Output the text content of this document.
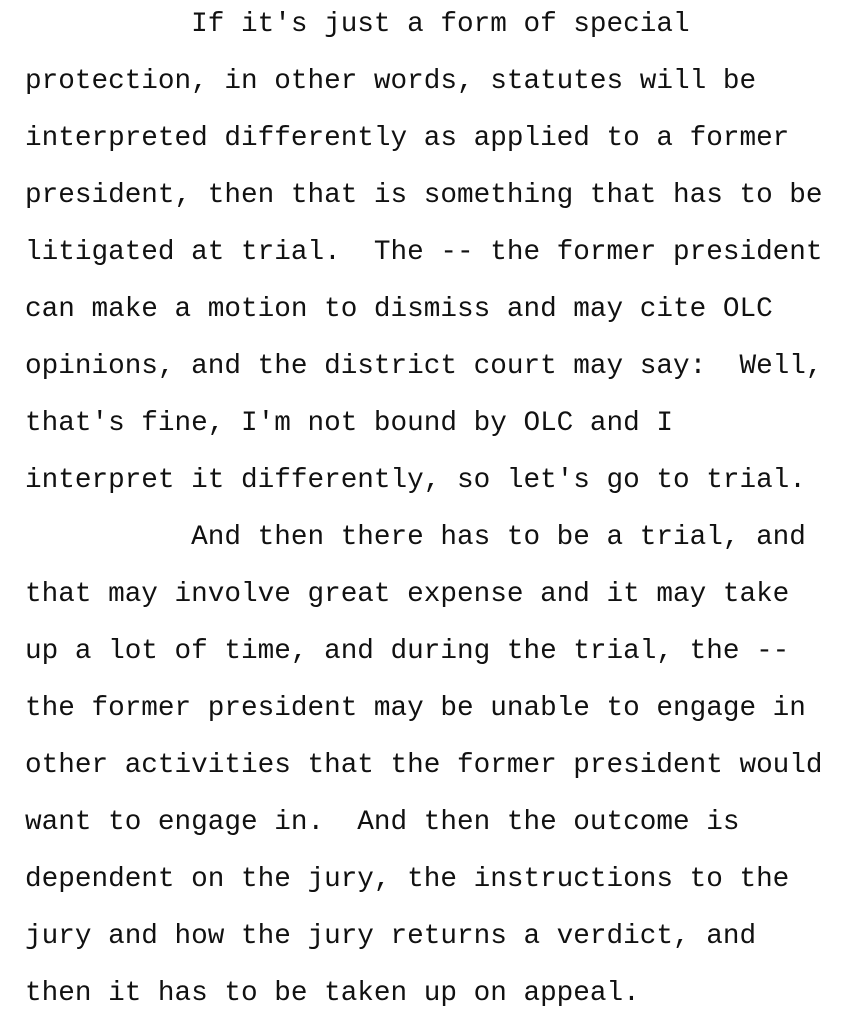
If it's just a form of special

protection, in other words, statutes will be

interpreted differently as applied to a former

president, then that is something that has to be

litigated at trial.  The -- the former president

can make a motion to dismiss and may cite OLC

opinions, and the district court may say:  Well,

that's fine, I'm not bound by OLC and I

interpret it differently, so let's go to trial.

And then there has to be a trial, and

that may involve great expense and it may take

up a lot of time, and during the trial, the --

the former president may be unable to engage in

other activities that the former president would

want to engage in.  And then the outcome is

dependent on the jury, the instructions to the

jury and how the jury returns a verdict, and

then it has to be taken up on appeal.
